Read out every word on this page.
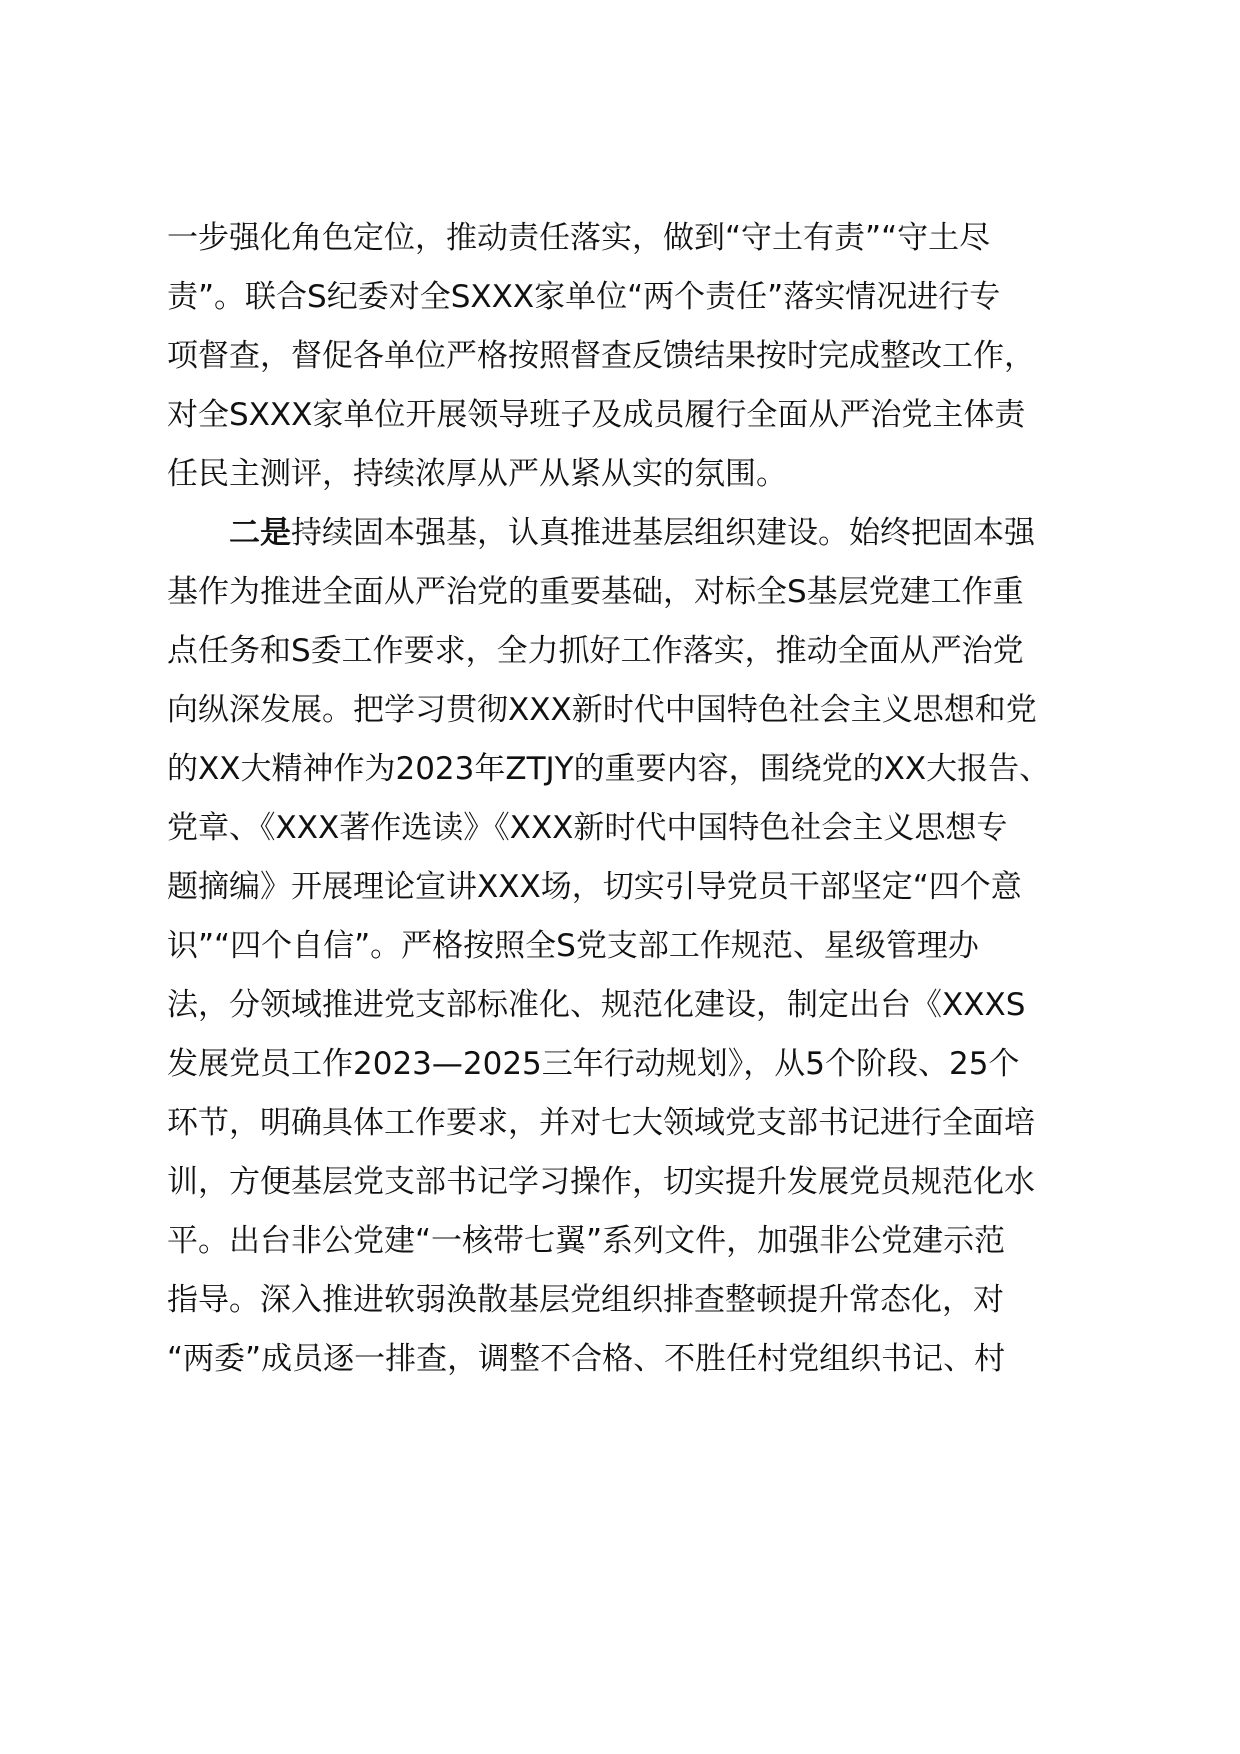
一步强化角色定位，推动责任落实，做到“守土有责”“守土尽
责”。联合S纪委对全SXXX家单位“两个责任”落实情况进行专
项督查，督促各单位严格按照督查反馈结果按时完成整改工作，
对全SXXX家单位开展领导班子及成员履行全面从严治党主体责
任民主测评，持续浓厚从严从紧从实的氛围。
二是持续固本强基，认真推进基层组织建设。始终把固本强
基作为推进全面从严治党的重要基础，对标全S基层党建工作重
点任务和S委工作要求，全力抓好工作落实，推动全面从严治党
向纵深发展。把学习贯彻XXX新时代中国特色社会主义思想和党
的XX大精神作为2023年ZTJY的重要内容，围绕党的XX大报告、
党章、《XXX著作选读》《XXX新时代中国特色社会主义思想专
题摘编》开展理论宣讲XXX场，切实引导党员干部坚定“四个意
识”“四个自信”。严格按照全S党支部工作规范、星级管理办
法，分领域推进党支部标准化、规范化建设，制定出台《XXXS
发展党员工作2023—2025三年行动规划》，从5个阶段、25个
环节，明确具体工作要求，并对七大领域党支部书记进行全面培
训，方便基层党支部书记学习操作，切实提升发展党员规范化水
平。出台非公党建“一核带七翼”系列文件，加强非公党建示范
指导。深入推进软弱涣散基层党组织排查整顿提升常态化，对
“两委”成员逐一排查，调整不合格、不胜任村党组织书记、村
